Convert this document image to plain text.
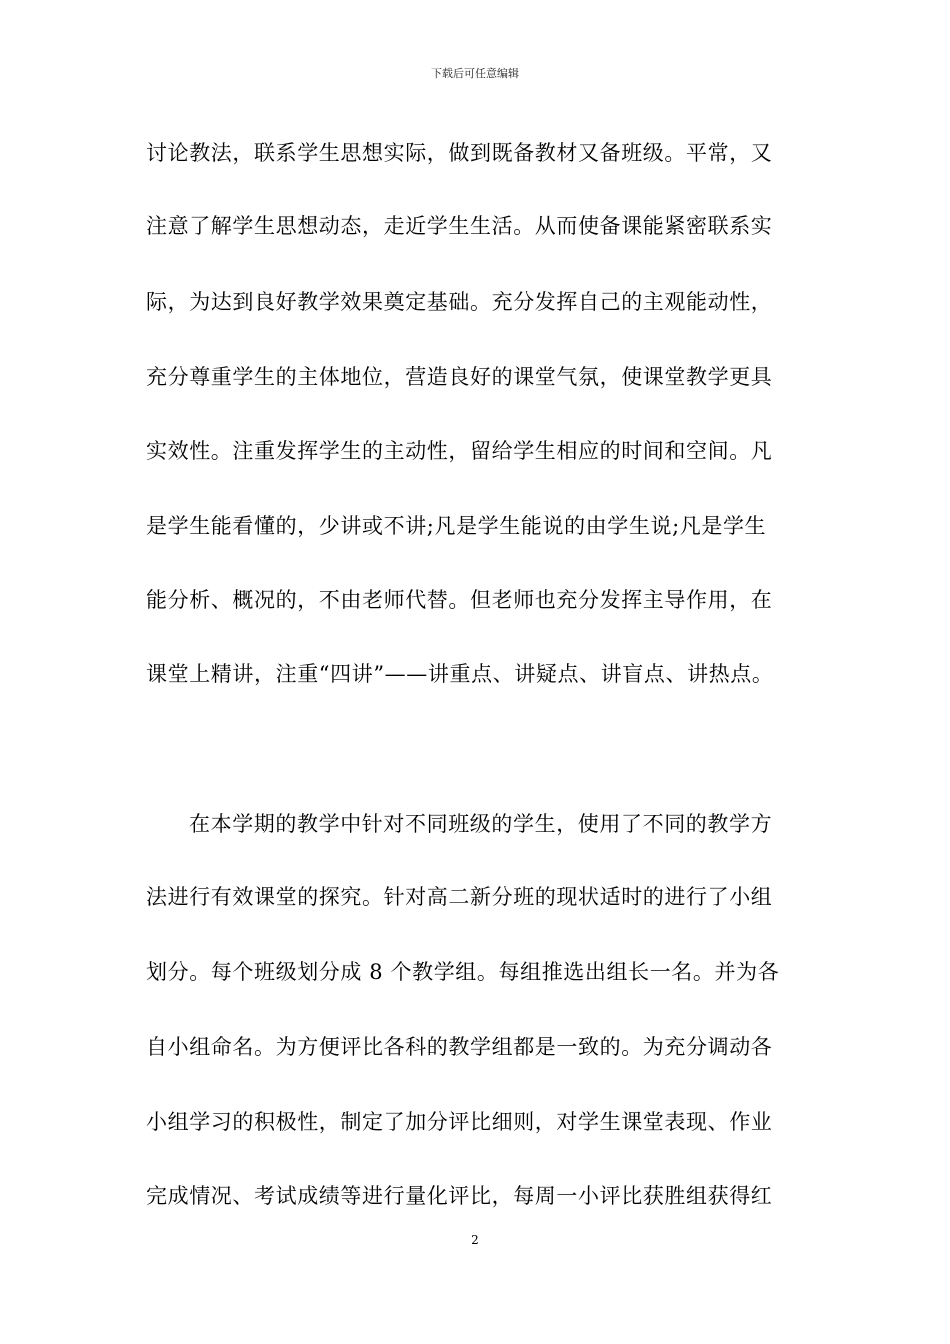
下载后可任意编辑
讨论教法，联系学生思想实际，做到既备教材又备班级。平常，又
注意了解学生思想动态，走近学生生活。从而使备课能紧密联系实
际，为达到良好教学效果奠定基础。充分发挥自己的主观能动性，
充分尊重学生的主体地位，营造良好的课堂气氛，使课堂教学更具
实效性。注重发挥学生的主动性，留给学生相应的时间和空间。凡
是学生能看懂的，少讲或不讲;凡是学生能说的由学生说;凡是学生
能分析、概况的，不由老师代替。但老师也充分发挥主导作用，在
课堂上精讲，注重“四讲”——讲重点、讲疑点、讲盲点、讲热点。
在本学期的教学中针对不同班级的学生，使用了不同的教学方
法进行有效课堂的探究。针对高二新分班的现状适时的进行了小组
划分。每个班级划分成 8 个教学组。每组推选出组长一名。并为各
自小组命名。为方便评比各科的教学组都是一致的。为充分调动各
小组学习的积极性，制定了加分评比细则，对学生课堂表现、作业
完成情况、考试成绩等进行量化评比，每周一小评比获胜组获得红
2
